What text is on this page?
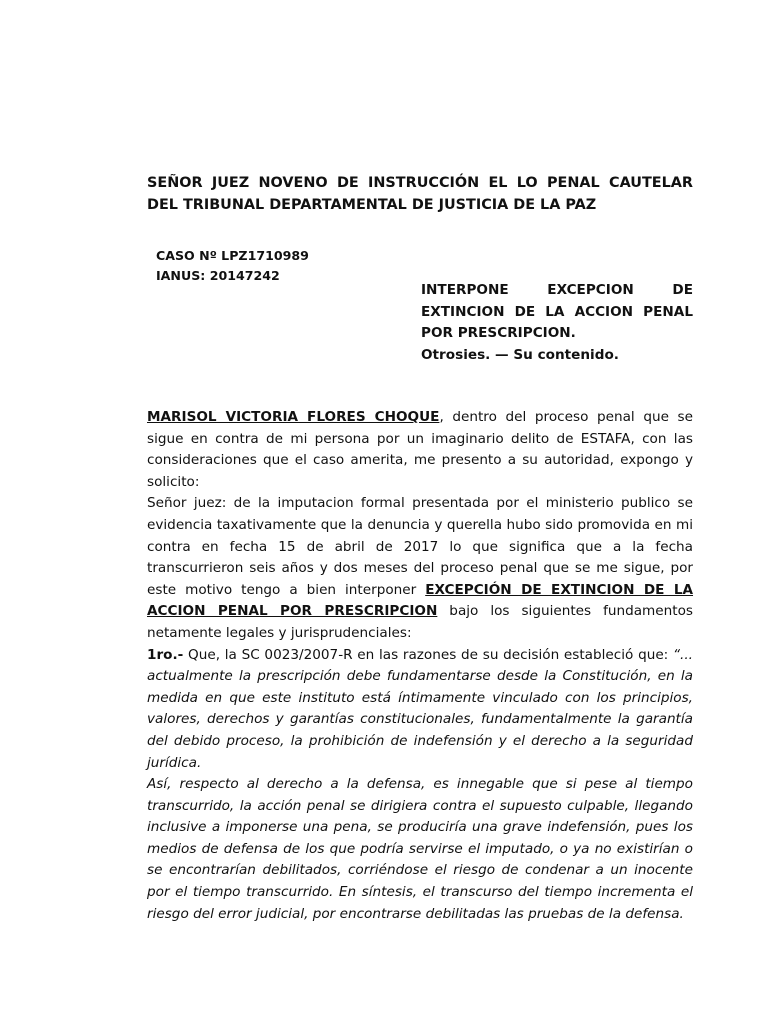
SEÑOR JUEZ NOVENO DE INSTRUCCIÓN EL LO PENAL CAUTELAR DEL TRIBUNAL DEPARTAMENTAL DE JUSTICIA DE LA PAZ

CASO Nº LPZ1710989
IANUS: 20147242
INTERPONE EXCEPCION DE
EXTINCION DE LA ACCION PENAL
POR PRESCRIPCION.
Otrosies. — Su contenido.

MARISOL VICTORIA FLORES CHOQUE, dentro del proceso penal que se sigue en contra de mi persona por un imaginario delito de ESTAFA, con las consideraciones que el caso amerita, me presento a su autoridad, expongo y solicito:

Señor juez: de la imputacion formal presentada por el ministerio publico se evidencia taxativamente que la denuncia y querella hubo sido promovida en mi contra en fecha 15 de abril de 2017 lo que significa que a la fecha transcurrieron seis años y dos meses del proceso penal que se me sigue, por este motivo tengo a bien interponer EXCEPCIÓN DE EXTINCION DE LA ACCION PENAL POR PRESCRIPCION bajo los siguientes fundamentos netamente legales y jurisprudenciales:

1ro.- Que, la SC 0023/2007-R en las razones de su decisión estableció que: “... actualmente la prescripción debe fundamentarse desde la Constitución, en la medida en que este instituto está íntimamente vinculado con los principios, valores, derechos y garantías constitucionales, fundamentalmente la garantía del debido proceso, la prohibición de indefensión y el derecho a la seguridad jurídica.

Así, respecto al derecho a la defensa, es innegable que si pese al tiempo transcurrido, la acción penal se dirigiera contra el supuesto culpable, llegando inclusive a imponerse una pena, se produciría una grave indefensión, pues los medios de defensa de los que podría servirse el imputado, o ya no existirían o se encontrarían debilitados, corriéndose el riesgo de condenar a un inocente por el tiempo transcurrido. En síntesis, el transcurso del tiempo incrementa el riesgo del error judicial, por encontrarse debilitadas las pruebas de la defensa.
